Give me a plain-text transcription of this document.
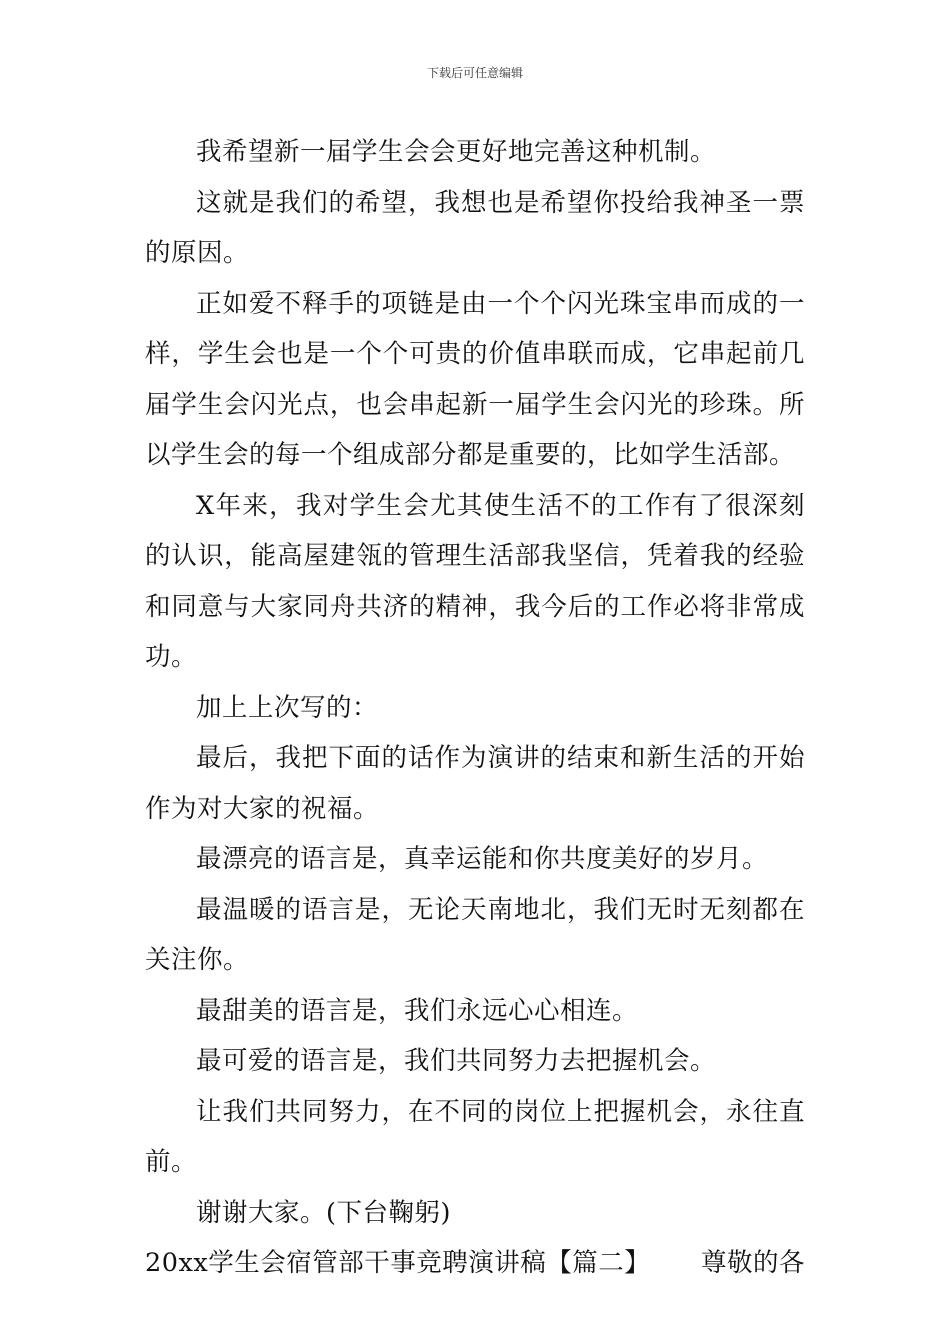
下载后可任意编辑

我希望新一届学生会会更好地完善这种机制。

这就是我们的希望，我想也是希望你投给我神圣一票的原因。

正如爱不释手的项链是由一个个闪光珠宝串而成的一样，学生会也是一个个可贵的价值串联而成，它串起前几届学生会闪光点，也会串起新一届学生会闪光的珍珠。所以学生会的每一个组成部分都是重要的，比如学生活部。

X年来，我对学生会尤其使生活不的工作有了很深刻的认识，能高屋建瓴的管理生活部我坚信，凭着我的经验和同意与大家同舟共济的精神，我今后的工作必将非常成功。

加上上次写的：

最后，我把下面的话作为演讲的结束和新生活的开始作为对大家的祝福。

最漂亮的语言是，真幸运能和你共度美好的岁月。

最温暖的语言是，无论天南地北，我们无时无刻都在关注你。

最甜美的语言是，我们永远心心相连。

最可爱的语言是，我们共同努力去把握机会。

让我们共同努力，在不同的岗位上把握机会，永往直前。

谢谢大家。(下台鞠躬)

20xx学生会宿管部干事竞聘演讲稿【篇二】 尊敬的各
